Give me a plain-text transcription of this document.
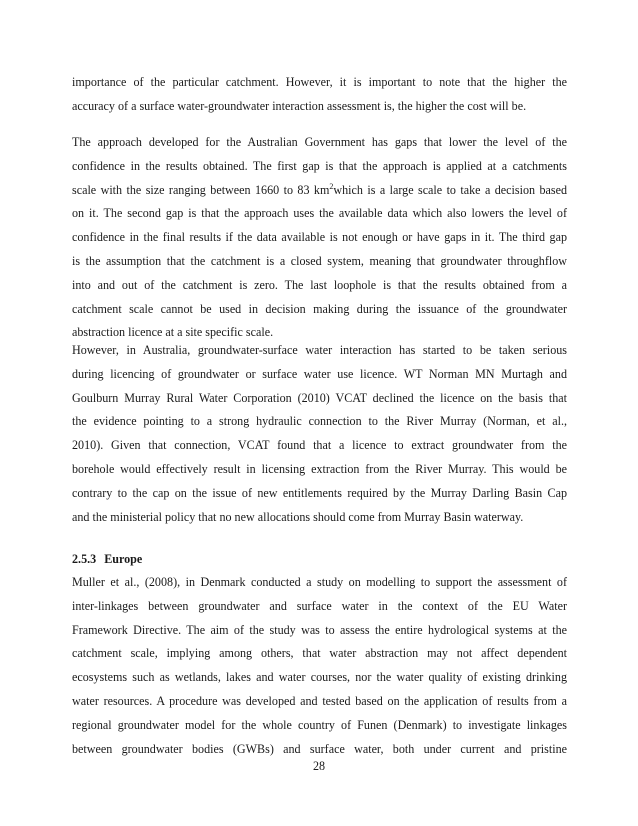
importance of the particular catchment. However, it is important to note that the higher the
accuracy of a surface water-groundwater interaction assessment is, the higher the cost will be.
The approach developed for the Australian Government has gaps that lower the level of the
confidence in the results obtained. The first gap is that the approach is applied at a catchments
scale with the size ranging between 1660 to 83 $km^2which$ is a large scale to take a decision based
on it. The second gap is that the approach uses the available data which also lowers the level of
confidence in the final results if the data available is not enough or have gaps in it. The third gap
is the assumption that the catchment is a closed system, meaning that groundwater throughflow
into and out of the catchment is zero. The last loophole is that the results obtained from a
catchment scale cannot be used in decision making during the issuance of the groundwater
abstraction licence at a site specific scale.
However, in Australia, groundwater-surface water interaction has started to be taken serious
during licencing of groundwater or surface water use licence. WT Norman MN Murtagh and
Goulburn Murray Rural Water Corporation (2010) VCAT declined the licence on the basis that
the evidence pointing to a strong hydraulic connection to the River Murray (Norman, et al.,
2010). Given that connection, VCAT found that a licence to extract groundwater from the
borehole would effectively result in licensing extraction from the River Murray. This would be
contrary to the cap on the issue of new entitlements required by the Murray Darling Basin Cap
and the ministerial policy that no new allocations should come from Murray Basin waterway.
2.5.3 Europe
Muller et al., (2008), in Denmark conducted a study on modelling to support the assessment of
inter-linkages between groundwater and surface water in the context of the EU Water
Framework Directive. The aim of the study was to assess the entire hydrological systems at the
catchment scale, implying among others, that water abstraction may not affect dependent
ecosystems such as wetlands, lakes and water courses, nor the water quality of existing drinking
water resources. A procedure was developed and tested based on the application of results from a
regional groundwater model for the whole country of Funen (Denmark) to investigate linkages
between groundwater bodies (GWBs) and surface water, both under current and pristine
28
